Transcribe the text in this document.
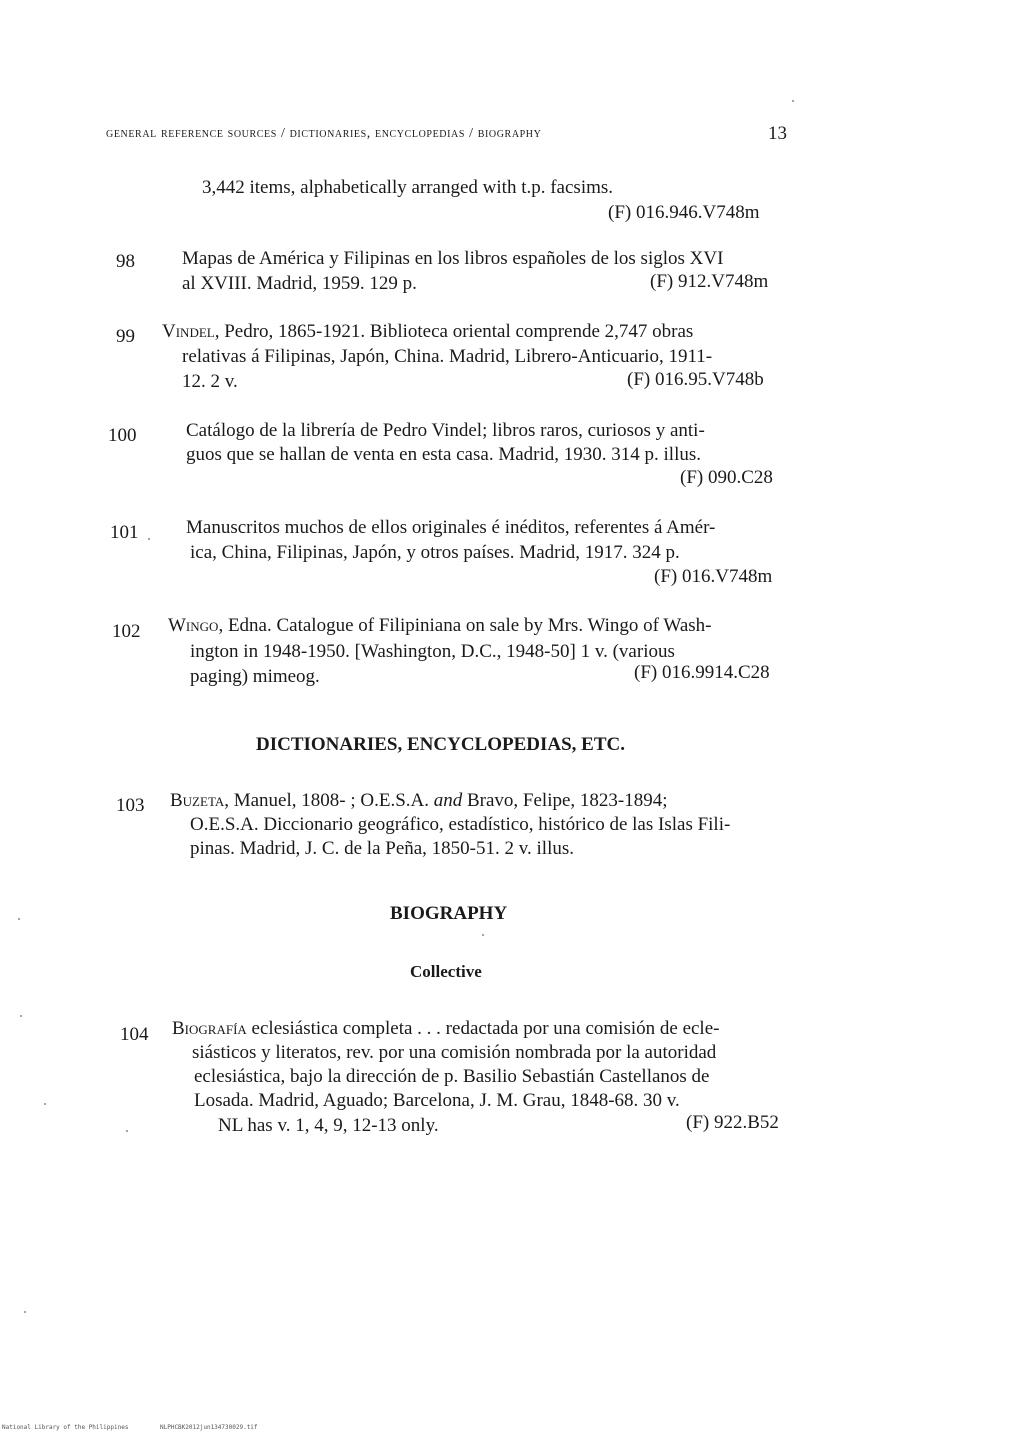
general reference sources / dictionaries, encyclopedias / biography	13
3,442 items, alphabetically arranged with t.p. facsims.
(F) 016.946.V748m
98 Mapas de América y Filipinas en los libros españoles de los siglos XVI
al XVIII. Madrid, 1959. 129 p.	(F) 912.V748m
99 Vindel, Pedro, 1865-1921. Biblioteca oriental comprende 2,747 obras
relativas á Filipinas, Japón, China. Madrid, Librero-Anticuario, 1911-
12. 2 v.	(F) 016.95.V748b
100	Catálogo de la librería de Pedro Vindel; libros raros, curiosos y anti-
guos que se hallan de venta en esta casa. Madrid, 1930. 314 p. illus.
(F) 090.C28
101	Manuscritos muchos de ellos originales é inéditos, referentes á Amér-
ica, China, Filipinas, Japón, y otros países. Madrid, 1917. 324 p.
(F) 016.V748m
102 Wingo, Edna. Catalogue of Filipiniana on sale by Mrs. Wingo of Wash-
ington in 1948-1950. [Washington, D.C., 1948-50] 1 v. (various
paging) mimeog.	(F) 016.9914.C28
DICTIONARIES, ENCYCLOPEDIAS, ETC.
103 Buzeta, Manuel, 1808- ; O.E.S.A. and Bravo, Felipe, 1823-1894;
O.E.S.A. Diccionario geográfico, estadístico, histórico de las Islas Fili-
pinas. Madrid, J. C. de la Peña, 1850-51. 2 v. illus.
BIOGRAPHY
Collective
104 Biografía eclesiástica completa . . . redactada por una comisión de ecle-
siásticos y literatos, rev. por una comisión nombrada por la autoridad
eclesiástica, bajo la dirección de p. Basilio Sebastián Castellanos de
Losada. Madrid, Aguado; Barcelona, J. M. Grau, 1848-68. 30 v.
NL has v. 1, 4, 9, 12-13 only.	(F) 922.B52
National Library of the Philippines	NLPHCBK2012jun13473002​9.tif
